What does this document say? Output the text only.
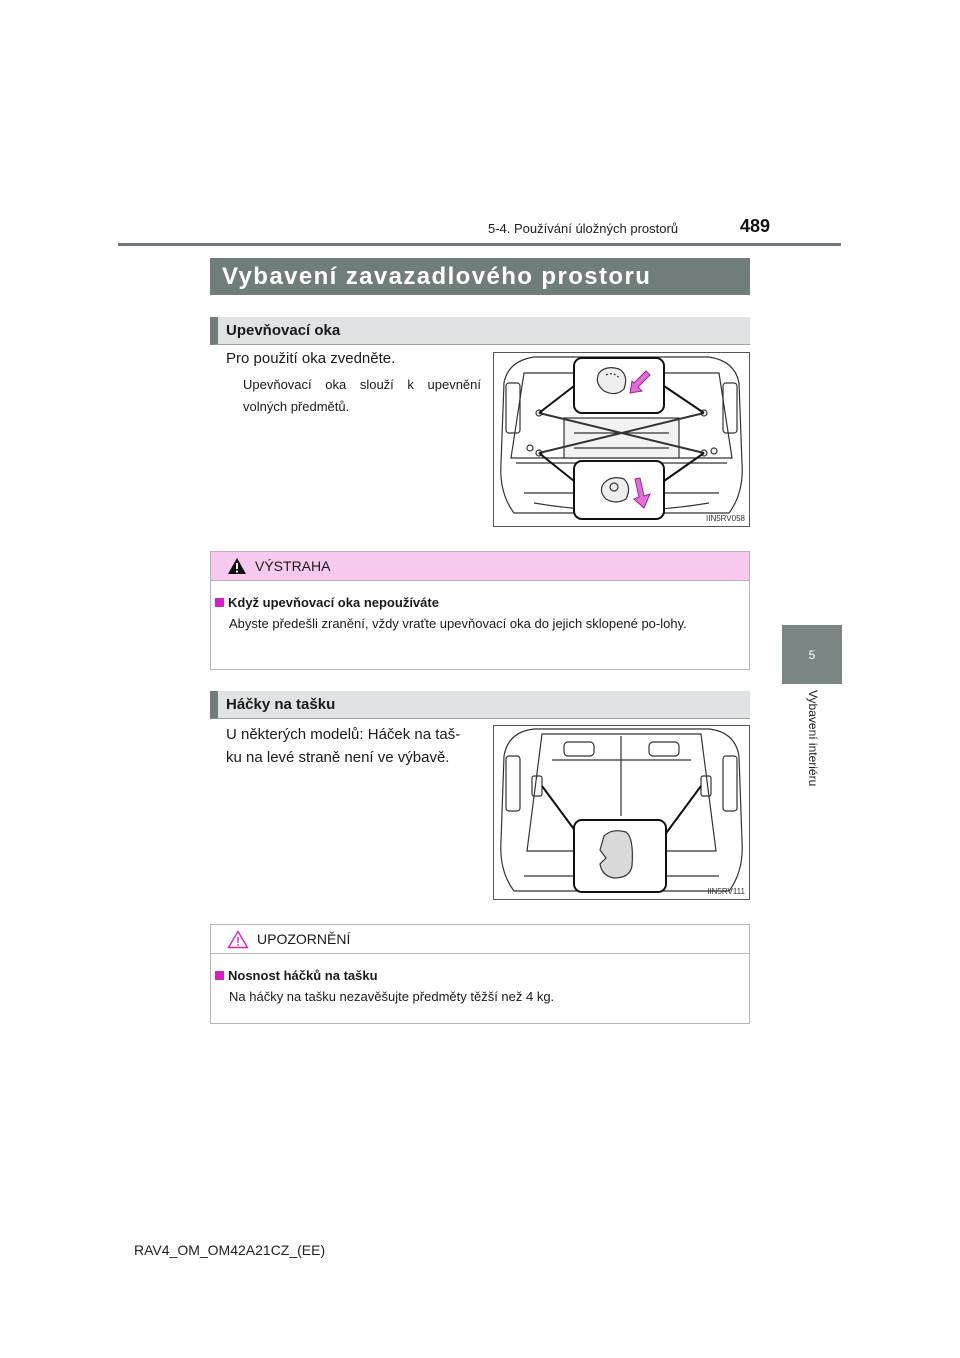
5-4. Používání úložných prostorů	489
5
Vybavení interiéru
Vybavení zavazadlového prostoru
Upevňovací oka
Pro použití oka zvedněte.
Upevňovací oka slouží k upevnění
volných předmětů.
IIN5RV058
VÝSTRAHA
Když upevňovací oka nepoužíváte
Abyste předešli zranění, vždy vraťte upevňovací oka do jejich sklopené po-lohy.
Háčky na tašku
U některých modelů: Háček na taš-
ku na levé straně není ve výbavě.
IIN5RV111
UPOZORNĚNÍ
Nosnost háčků na tašku
Na háčky na tašku nezavěšujte předměty těžší než 4 kg.
RAV4_OM_OM42A21CZ_(EE)
